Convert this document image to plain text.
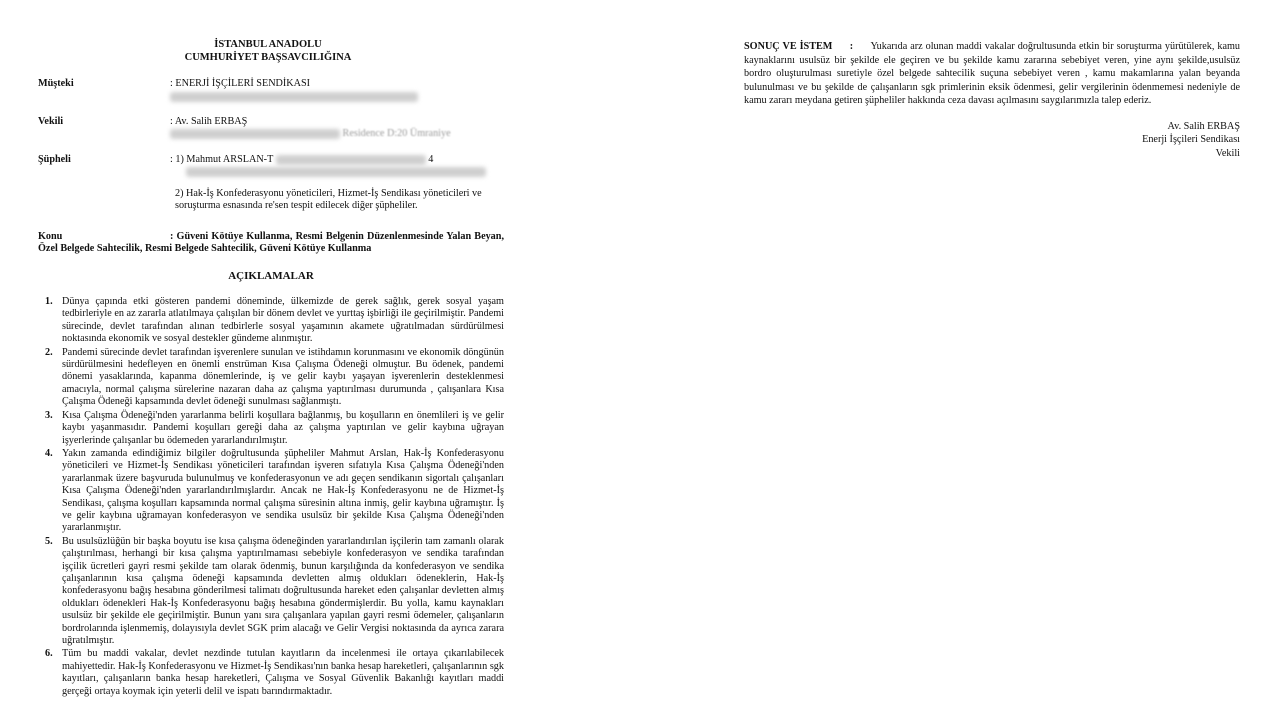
İSTANBUL ANADOLU
CUMHURİYET BAŞSAVCILIĞINA
Müşteki	: ENERJİ İŞÇİLERİ SENDİKASI
Vekili	: Av. Salih ERBAŞ
Residence D:20 Ümraniye
Şüpheli	: 1) Mahmut ARSLAN-T	4
2) Hak-İş Konfederasyonu yöneticileri, Hizmet-İş Sendikası yöneticileri ve soruşturma esnasında re'sen tespit edilecek diğer şüpheliler.
Konu	: Güveni Kötüye Kullanma, Resmi Belgenin Düzenlenmesinde Yalan Beyan, Özel Belgede Sahtecilik, Resmi Belgede Sahtecilik, Güveni Kötüye Kullanma
AÇIKLAMALAR
1. Dünya çapında etki gösteren pandemi döneminde, ülkemizde de gerek sağlık, gerek sosyal yaşam tedbirleriyle en az zararla atlatılmaya çalışılan bir dönem devlet ve yurttaş işbirliği ile geçirilmiştir. Pandemi sürecinde, devlet tarafından alınan tedbirlerle sosyal yaşamının akamete uğratılmadan sürdürülmesi noktasında ekonomik ve sosyal destekler gündeme alınmıştır.
2. Pandemi sürecinde devlet tarafından işverenlere sunulan ve istihdamın korunmasını ve ekonomik döngünün sürdürülmesini hedefleyen en önemli enstrüman Kısa Çalışma Ödeneği olmuştur. Bu ödenek, pandemi dönemi yasaklarında, kapanma dönemlerinde, iş ve gelir kaybı yaşayan işverenlerin desteklenmesi amacıyla, normal çalışma sürelerine nazaran daha az çalışma yaptırılması durumunda , çalışanlara Kısa Çalışma Ödeneği kapsamında devlet ödeneği sunulması sağlanmıştı.
3. Kısa Çalışma Ödeneği'nden yararlanma belirli koşullara bağlanmış, bu koşulların en önemlileri iş ve gelir kaybı yaşanmasıdır. Pandemi koşulları gereği daha az çalışma yaptırılan ve gelir kaybına uğrayan işyerlerinde çalışanlar bu ödemeden yararlandırılmıştır.
4. Yakın zamanda edindiğimiz bilgiler doğrultusunda şüpheliler Mahmut Arslan, Hak-İş Konfederasyonu yöneticileri ve Hizmet-İş Sendikası yöneticileri tarafından işveren sıfatıyla Kısa Çalışma Ödeneği'nden yararlanmak üzere başvuruda bulunulmuş ve konfederasyonun ve adı geçen sendikanın sigortalı çalışanları Kısa Çalışma Ödeneği'nden yararlandırılmışlardır. Ancak ne Hak-İş Konfederasyonu ne de Hizmet-İş Sendikası, çalışma koşulları kapsamında normal çalışma süresinin altına inmiş, gelir kaybına uğramıştır. İş ve gelir kaybına uğramayan konfederasyon ve sendika usulsüz bir şekilde Kısa Çalışma Ödeneği'nden yararlanmıştır.
5. Bu usulsüzlüğün bir başka boyutu ise kısa çalışma ödeneğinden yararlandırılan işçilerin tam zamanlı olarak çalıştırılması, herhangi bir kısa çalışma yaptırılmaması sebebiyle konfederasyon ve sendika tarafından işçilik ücretleri gayri resmi şekilde tam olarak ödenmiş, bunun karşılığında da konfederasyon ve sendika çalışanlarının kısa çalışma ödeneği kapsamında devletten almış oldukları ödeneklerin, Hak-İş konfederasyonu bağış hesabına gönderilmesi talimatı doğrultusunda hareket eden çalışanlar devletten almış oldukları ödenekleri Hak-İş Konfederasyonu bağış hesabına göndermişlerdir. Bu yolla, kamu kaynakları usulsüz bir şekilde ele geçirilmiştir. Bunun yanı sıra çalışanlara yapılan gayri resmi ödemeler, çalışanların bordrolarında işlenmemiş, dolayısıyla devlet SGK prim alacağı ve Gelir Vergisi noktasında da ayrıca zarara uğratılmıştır.
6. Tüm bu maddi vakalar, devlet nezdinde tutulan kayıtların da incelenmesi ile ortaya çıkarılabilecek mahiyettedir. Hak-İş Konfederasyonu ve Hizmet-İş Sendikası'nın banka hesap hareketleri, çalışanlarının sgk kayıtları, çalışanların banka hesap hareketleri, Çalışma ve Sosyal Güvenlik Bakanlığı kayıtları maddi gerçeği ortaya koymak için yeterli delil ve ispatı barındırmaktadır.
SONUÇ VE İSTEM : Yukarıda arz olunan maddi vakalar doğrultusunda etkin bir soruşturma yürütülerek, kamu kaynaklarını usulsüz bir şekilde ele geçiren ve bu şekilde kamu zararına sebebiyet veren, yine aynı şekilde,usulsüz bordro oluşturulması suretiyle özel belgede sahtecilik suçuna sebebiyet veren , kamu makamlarına yalan beyanda bulunulması ve bu şekilde de çalışanların sgk primlerinin eksik ödenmesi, gelir vergilerinin ödenmemesi nedeniyle de kamu zararı meydana getiren şüpheliler hakkında ceza davası açılmasını saygılarımızla talep ederiz.
Av. Salih ERBAŞ
Enerji İşçileri Sendikası
Vekili
